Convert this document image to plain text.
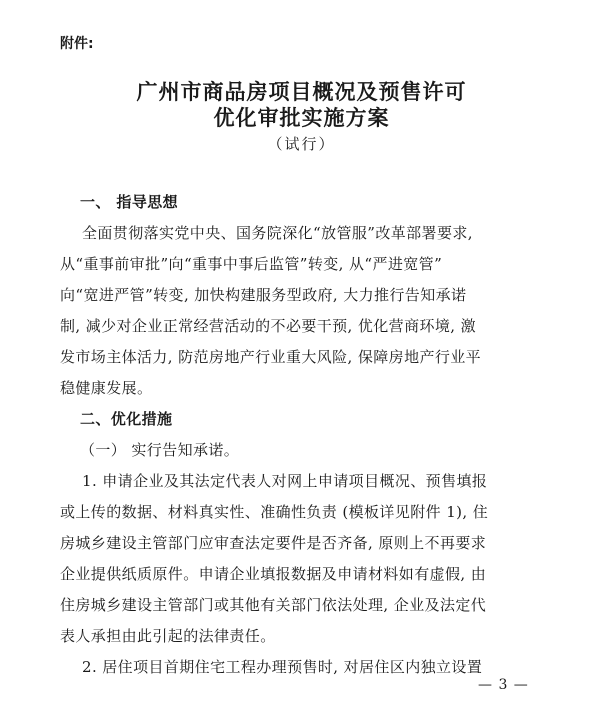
附件:
广州市商品房项目概况及预售许可
优化审批实施方案
（试行）
一、 指导思想
全面贯彻落实党中央、国务院深化“放管服”改革部署要求,
从“重事前审批”向“重事中事后监管”转变, 从“严进宽管”
向“宽进严管”转变, 加快构建服务型政府, 大力推行告知承诺
制, 减少对企业正常经营活动的不必要干预, 优化营商环境, 激
发市场主体活力, 防范房地产行业重大风险, 保障房地产行业平
稳健康发展。
二、优化措施
（一） 实行告知承诺。
1. 申请企业及其法定代表人对网上申请项目概况、预售填报
或上传的数据、材料真实性、准确性负责 (模板详见附件 1), 住
房城乡建设主管部门应审查法定要件是否齐备, 原则上不再要求
企业提供纸质原件。申请企业填报数据及申请材料如有虚假, 由
住房城乡建设主管部门或其他有关部门依法处理, 企业及法定代
表人承担由此引起的法律责任。
2. 居住项目首期住宅工程办理预售时, 对居住区内独立设置
— 3 —
